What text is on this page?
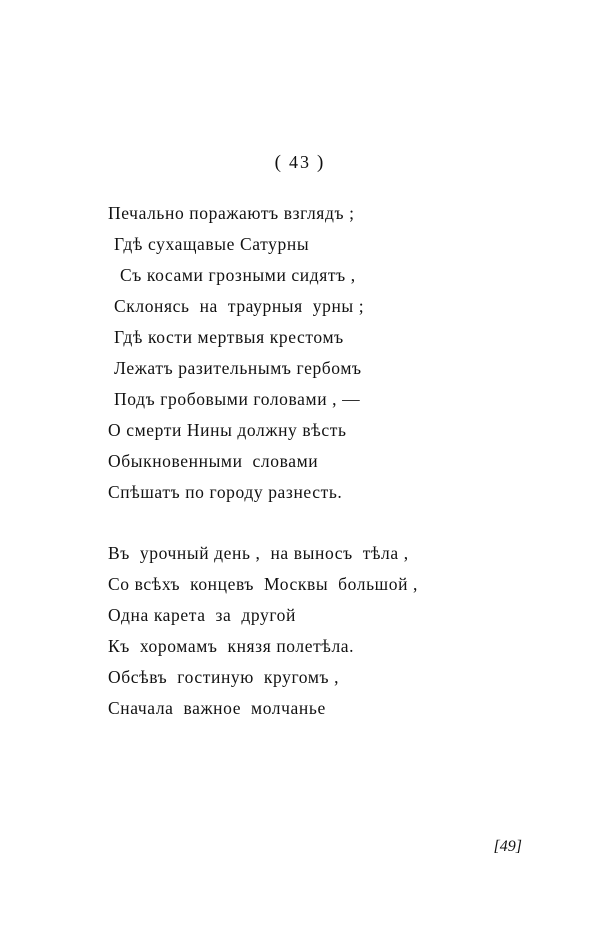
( 43 )
Печально поражаютъ взглядъ ;
Гдѣ сухащавые Сатурны
Съ косами грозными сидятъ ,
Склонясь  на  траурныя  урны ;
Гдѣ кости мертвыя крестомъ
Лежатъ разительнымъ гербомъ
Подъ гробовыми головами , —
О смерти Нины должну вѣсть
Обыкновенными  словами
Спѣшатъ по городу разнесть.
Въ  урочный день ,  на выносъ  тѣла ,
Со всѣхъ  концевъ  Москвы  большой ,
Одна карета  за  другой
Къ  хоромамъ  князя полетѣла.
Обсѣвъ  гостиную  кругомъ ,
Сначала  важное  молчанье
[49]
